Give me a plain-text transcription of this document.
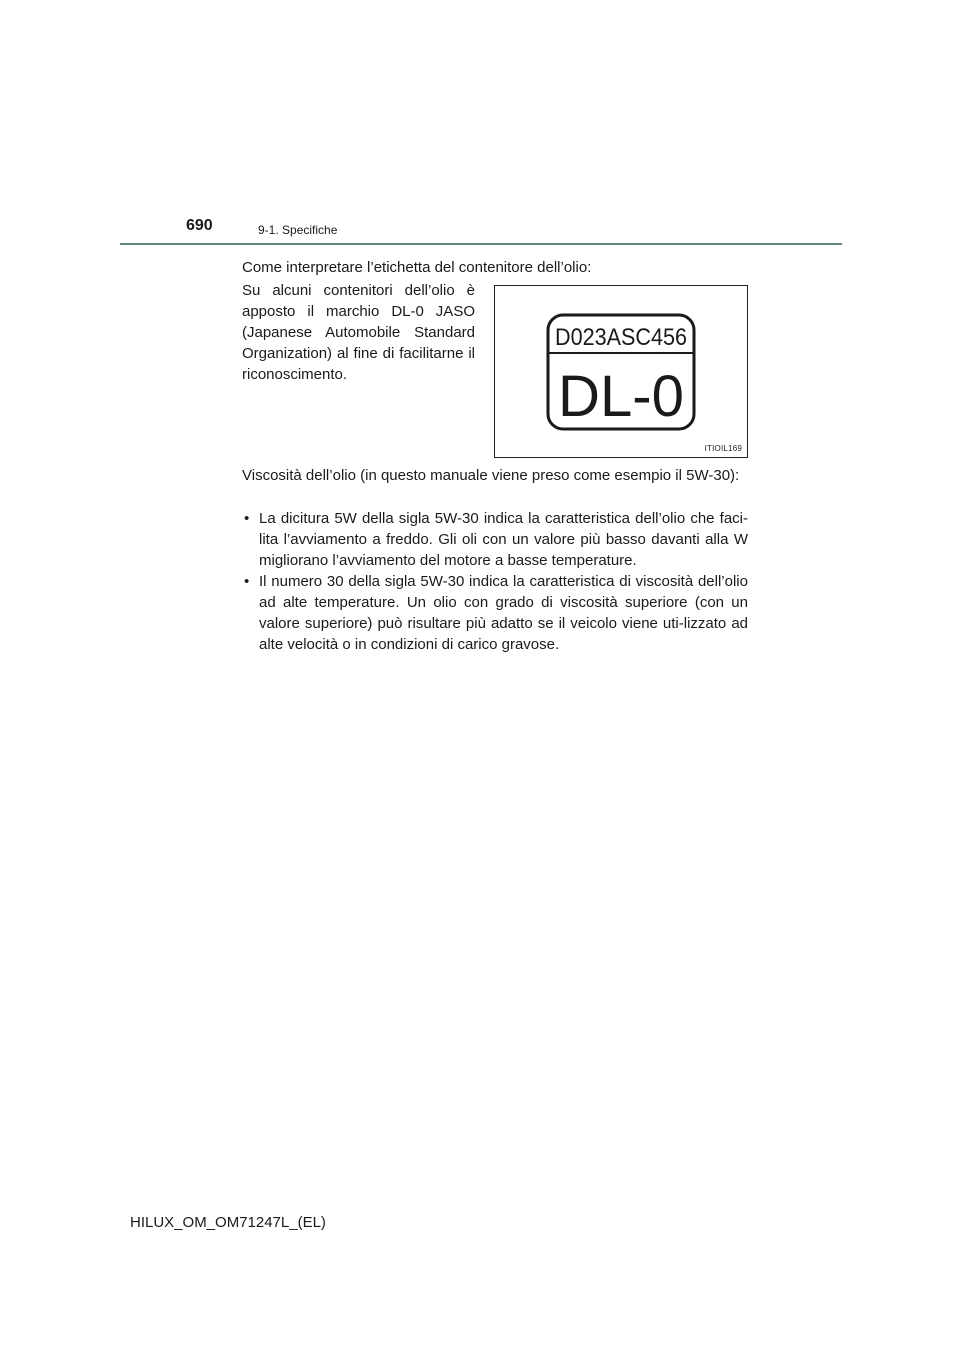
690	9-1. Specifiche

Come interpretare l’etichetta del contenitore dell’olio:

Su alcuni contenitori dell’olio è apposto il marchio DL-0 JASO (Japanese Automobile Standard Organization) al fine di facilitarne il riconoscimento.

D023ASC456
DL-0
ITIOIL169

Viscosità dell’olio (in questo manuale viene preso come esempio il 5W-30):

• La dicitura 5W della sigla 5W-30 indica la caratteristica dell’olio che faci-lita l’avviamento a freddo. Gli oli con un valore più basso davanti alla W migliorano l’avviamento del motore a basse temperature.
• Il numero 30 della sigla 5W-30 indica la caratteristica di viscosità dell’olio ad alte temperature. Un olio con grado di viscosità superiore (con un valore superiore) può risultare più adatto se il veicolo viene uti-lizzato ad alte velocità o in condizioni di carico gravose.
HILUX_OM_OM71247L_(EL)
